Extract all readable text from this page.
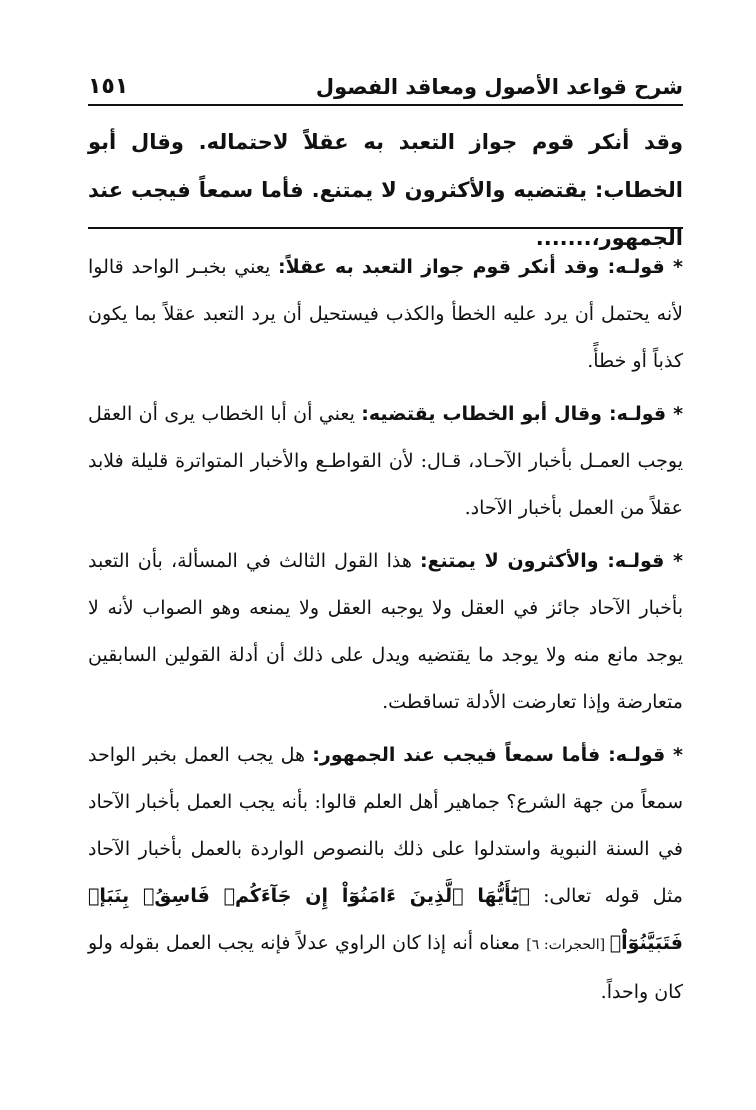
شرح قواعد الأصول ومعاقد الفصول
١٥١

وقد أنكر قوم جواز التعبد به عقلاً لاحتماله. وقال أبو الخطاب: يقتضيه والأكثرون لا يمتنع. فأما سمعاً فيجب عند الجمهور،.......

* قولـه: وقد أنكر قوم جواز التعبد به عقلاً: يعني بخبـر الواحد قالوا لأنه يحتمل أن يرد عليه الخطأ والكذب فيستحيل أن يرد التعبد عقلاً بما يكون كذباً أو خطأً.

* قولـه: وقال أبو الخطاب يقتضيه: يعني أن أبا الخطاب يرى أن العقل يوجب العمـل بأخبار الآحـاد، قـال: لأن القواطـع والأخبار المتواترة قليلة فلابد عقلاً من العمل بأخبار الآحاد.

* قولـه: والأكثرون لا يمتنع: هذا القول الثالث في المسألة، بأن التعبد بأخبار الآحاد جائز في العقل ولا يوجبه العقل ولا يمنعه وهو الصواب لأنه لا يوجد مانع منه ولا يوجد ما يقتضيه ويدل على ذلك أن أدلة القولين السابقين متعارضة وإذا تعارضت الأدلة تساقطت.

* قولـه: فأما سمعاً فيجب عند الجمهور: هل يجب العمل بخبر الواحد سمعاً من جهة الشرع؟ جماهير أهل العلم قالوا: بأنه يجب العمل بأخبار الآحاد في السنة النبوية واستدلوا على ذلك بالنصوص الواردة بالعمل بأخبار الآحاد مثل قوله تعالى: ﴿يَٰٓأَيُّهَا ٱلَّذِينَ ءَامَنُوٓاْ إِن جَآءَكُمۡ فَاسِقُۢ بِنَبَإٖ فَتَبَيَّنُوٓاْ﴾ [الحجرات: ٦] معناه أنه إذا كان الراوي عدلاً فإنه يجب العمل بقوله ولو كان واحداً.
